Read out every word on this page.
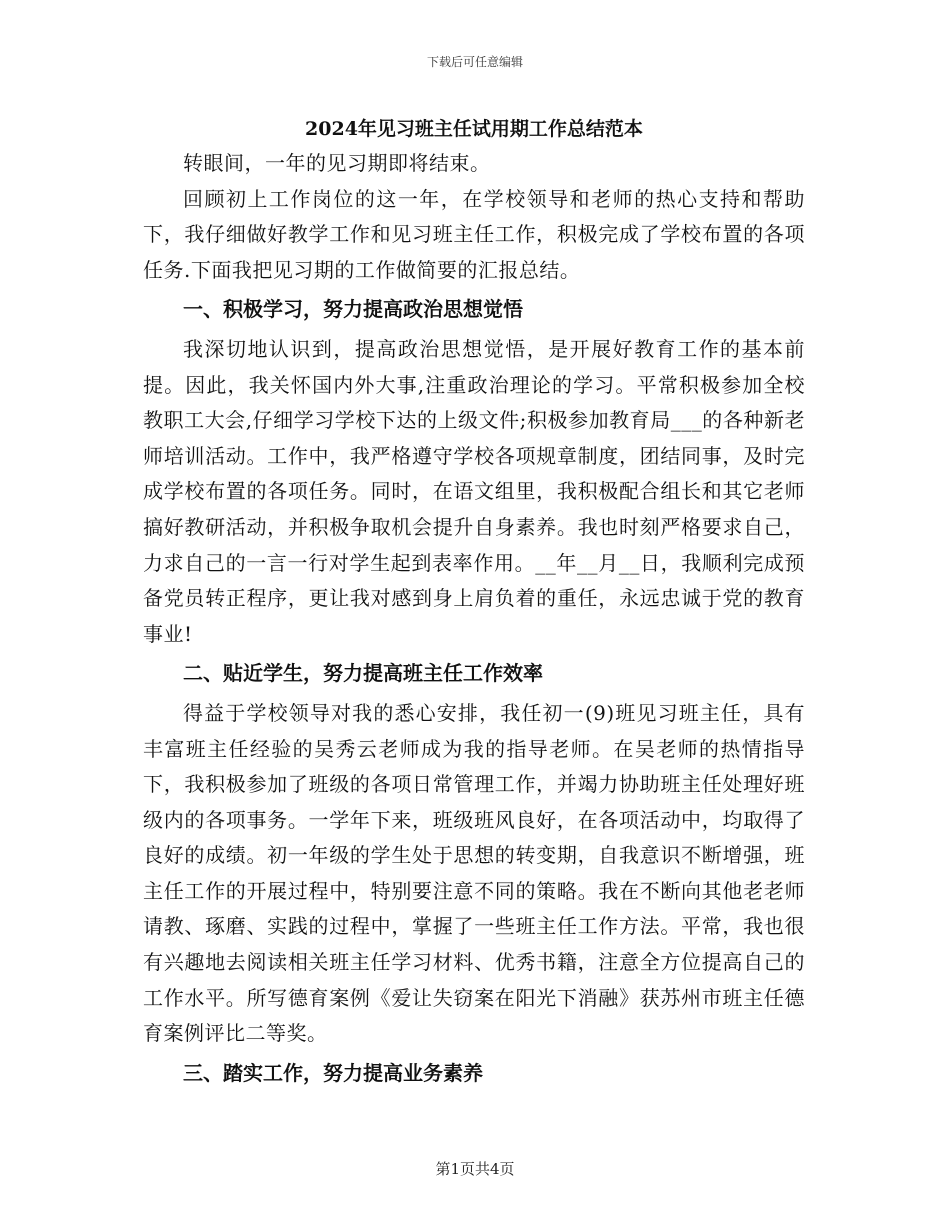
下载后可任意编辑
2024年见习班主任试用期工作总结范本

转眼间，一年的见习期即将结束。

回顾初上工作岗位的这一年，在学校领导和老师的热心支持和帮助下，我仔细做好教学工作和见习班主任工作，积极完成了学校布置的各项任务.下面我把见习期的工作做简要的汇报总结。

一、积极学习，努力提高政治思想觉悟

我深切地认识到，提高政治思想觉悟，是开展好教育工作的基本前提。因此，我关怀国内外大事,注重政治理论的学习。平常积极参加全校教职工大会,仔细学习学校下达的上级文件;积极参加教育局___的各种新老师培训活动。工作中，我严格遵守学校各项规章制度，团结同事，及时完成学校布置的各项任务。同时，在语文组里，我积极配合组长和其它老师搞好教研活动，并积极争取机会提升自身素养。我也时刻严格要求自己，力求自己的一言一行对学生起到表率作用。__年__月__日，我顺利完成预备党员转正程序，更让我对感到身上肩负着的重任，永远忠诚于党的教育事业!

二、贴近学生，努力提高班主任工作效率

得益于学校领导对我的悉心安排，我任初一(9)班见习班主任，具有丰富班主任经验的吴秀云老师成为我的指导老师。在吴老师的热情指导下，我积极参加了班级的各项日常管理工作，并竭力协助班主任处理好班级内的各项事务。一学年下来，班级班风良好，在各项活动中，均取得了良好的成绩。初一年级的学生处于思想的转变期，自我意识不断增强，班主任工作的开展过程中，特别要注意不同的策略。我在不断向其他老老师请教、琢磨、实践的过程中，掌握了一些班主任工作方法。平常，我也很有兴趣地去阅读相关班主任学习材料、优秀书籍，注意全方位提高自己的工作水平。所写德育案例《爱让失窃案在阳光下消融》获苏州市班主任德育案例评比二等奖。

三、踏实工作，努力提高业务素养

第1页共4页
